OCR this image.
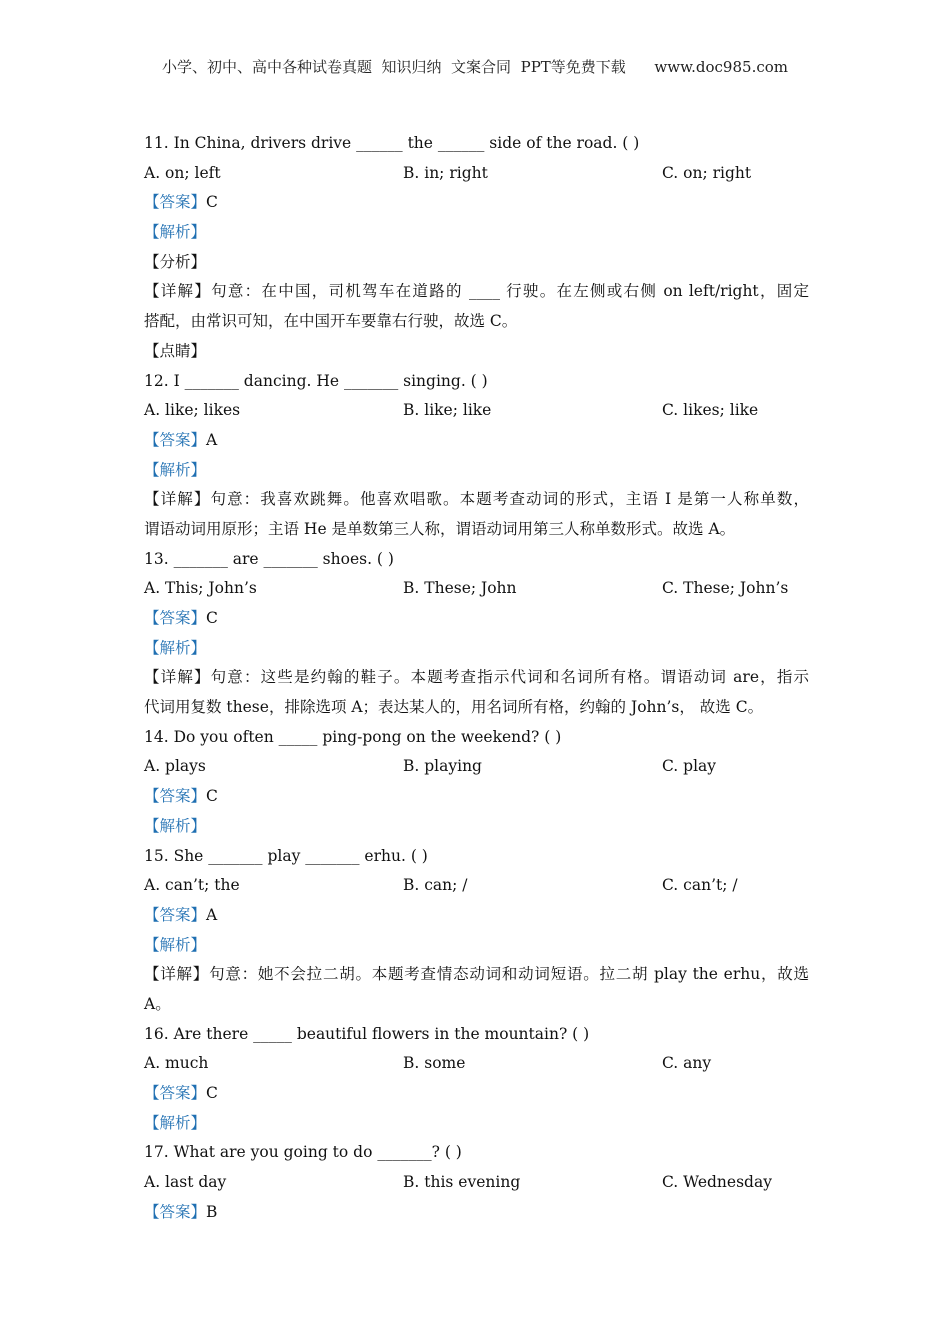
小学、初中、高中各种试卷真题  知识归纳  文案合同  PPT等免费下载      www.doc985.com
11. In China, drivers drive ______ the ______ side of the road. ( )
A. on; left	B. in; right	C. on; right
【答案】C
【解析】
【分析】
【详解】句意：在中国，司机驾车在道路的 ____ 行驶。在左侧或右侧 on left/right，固定
搭配，由常识可知，在中国开车要靠右行驶，故选 C。
【点睛】
12. I _______ dancing. He _______ singing. ( )
A. like; likes	B. like; like	C. likes; like
【答案】A
【解析】
【详解】句意：我喜欢跳舞。他喜欢唱歌。本题考查动词的形式，主语 I 是第一人称单数，
谓语动词用原形；主语 He 是单数第三人称，谓语动词用第三人称单数形式。故选 A。
13. _______ are _______ shoes. ( )
A. This; John’s	B. These; John	C. These; John’s
【答案】C
【解析】
【详解】句意：这些是约翰的鞋子。本题考查指示代词和名词所有格。谓语动词 are，指示
代词用复数 these，排除选项 A；表达某人的，用名词所有格，约翰的 John’s， 故选 C。
14. Do you often _____ ping-pong on the weekend? ( )
A. plays	B. playing	C. play
【答案】C
【解析】
15. She _______ play _______ erhu. ( )
A. can’t; the	B. can; /	C. can’t; /
【答案】A
【解析】
【详解】句意：她不会拉二胡。本题考查情态动词和动词短语。拉二胡 play the erhu，故选
A。
16. Are there _____ beautiful flowers in the mountain? ( )
A. much	B. some	C. any
【答案】C
【解析】
17. What are you going to do _______? ( )
A. last day	B. this evening	C. Wednesday
【答案】B
